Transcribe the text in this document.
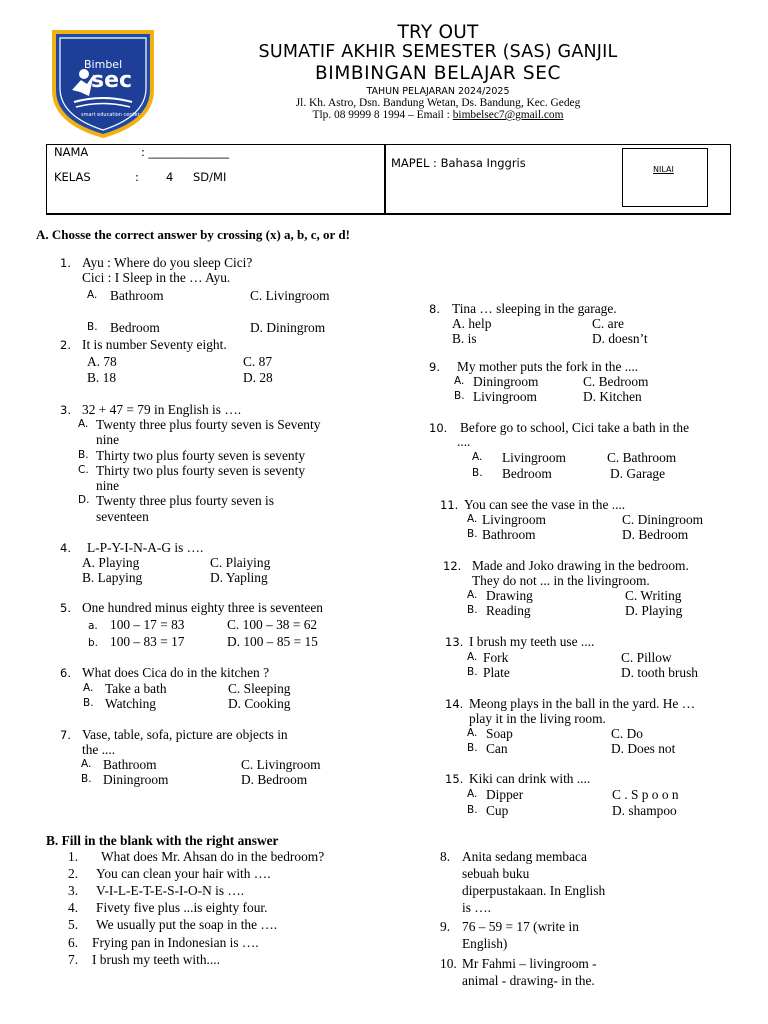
Bimbel
sec
smart education center
TRY OUT
SUMATIF AKHIR SEMESTER (SAS) GANJIL
BIMBINGAN BELAJAR SEC
TAHUN PELAJARAN 2024/2025
Jl. Kh. Astro, Dsn. Bandung Wetan, Ds. Bandung, Kec. Gedeg
Tlp. 08 9999 8 1994 – Email : bimbelsec7@gmail.com
NAMA	: ______________
KELAS	: 4 SD/MI
MAPEL : Bahasa Inggris	NILAI
A. Chosse the correct answer by crossing (x) a, b, c, or d!
1. Ayu : Where do you sleep Cici?
Cici : I Sleep in the … Ayu.
A. Bathroom	C. Livingroom
B. Bedroom	D. Diningrom
2. It is number Seventy eight.
A. 78	C. 87
B. 18	D. 28
3. 32 + 47 = 79 in English is ….
A. Twenty three plus fourty seven is Seventy
nine
B. Thirty two plus fourty seven is seventy
C. Thirty two plus fourty seven is seventy
nine
D. Twenty three plus fourty seven is
seventeen
4. L-P-Y-I-N-A-G is ….
A. Playing	C. Plaiying
B. Lapying	D. Yapling
5. One hundred minus eighty three is seventeen
a. 100 – 17 = 83	C. 100 – 38 = 62
b. 100 – 83 = 17	D. 100 – 85 = 15
6. What does Cica do in the kitchen ?
A. Take a bath	C. Sleeping
B. Watching	D. Cooking
7. Vase, table, sofa, picture are objects in
the ....
A. Bathroom	C. Livingroom
B. Diningroom	D. Bedroom
8. Tina … sleeping in the garage.
A. help	C. are
B. is	D. doesn’t
9. My mother puts the fork in the ....
A. Diningroom	C. Bedroom
B. Livingroom	D. Kitchen
10. Before go to school, Cici take a bath in the
....
A. Livingroom	C. Bathroom
B. Bedroom	D. Garage
11. You can see the vase in the ....
A. Livingroom	C. Diningroom
B. Bathroom	D. Bedroom
12. Made and Joko drawing in the bedroom.
They do not ... in the livingroom.
A. Drawing	C. Writing
B. Reading	D. Playing
13. I brush my teeth use ....
A. Fork	C. Pillow
B. Plate	D. tooth brush
14. Meong plays in the ball in the yard. He …
play it in the living room.
A. Soap	C. Do
B. Can	D. Does not
15. Kiki can drink with ....
A. Dipper	C . S p o o n
B. Cup	D. shampoo
B. Fill in the blank with the right answer
1. What does Mr. Ahsan do in the bedroom?
2. You can clean your hair with ….
3. V-I-L-E-T-E-S-I-O-N is ….
4. Fivety five plus ...is eighty four.
5. We usually put the soap in the ….
6. Frying pan in Indonesian is ….
7. I brush my teeth with....
8. Anita sedang membaca
sebuah buku
diperpustakaan. In English
is ….
9. 76 – 59 = 17 (write in
English)
10. Mr Fahmi – livingroom -
animal - drawing- in the.
